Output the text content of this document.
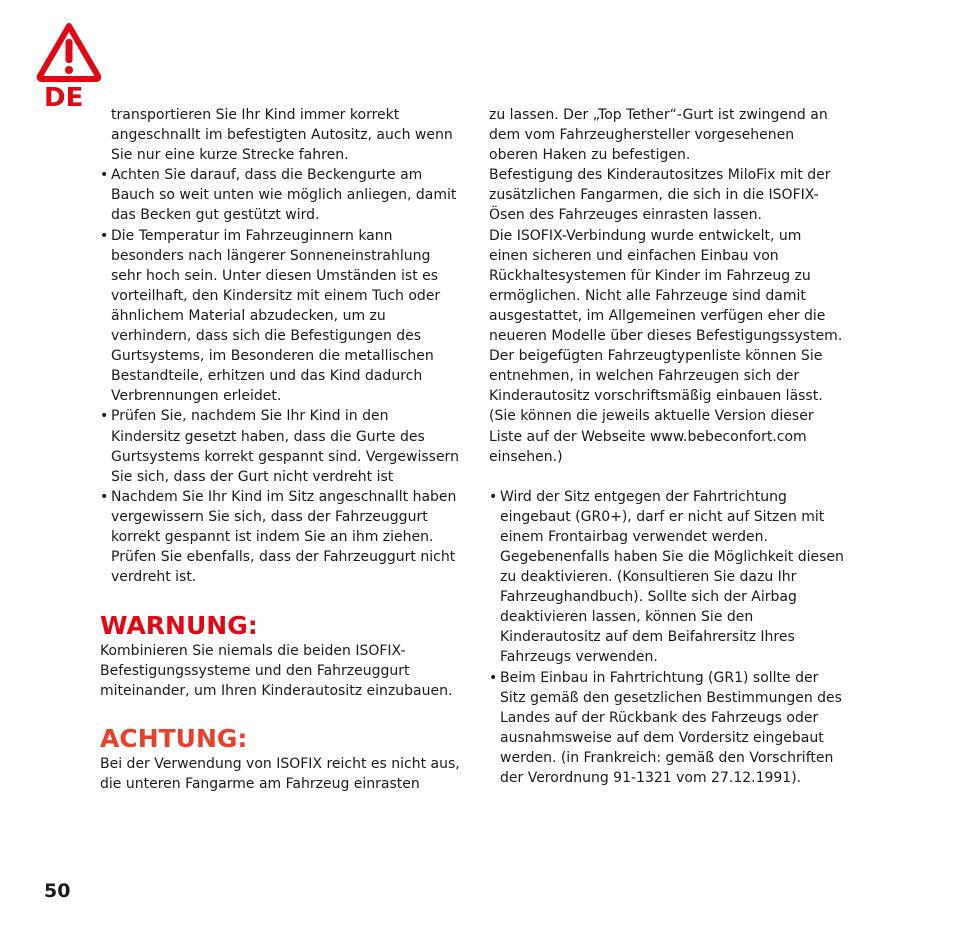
DE

transportieren Sie Ihr Kind immer korrekt angeschnallt im befestigten Autositz, auch wenn Sie nur eine kurze Strecke fahren.

• Achten Sie darauf, dass die Beckengurte am Bauch so weit unten wie möglich anliegen, damit das Becken gut gestützt wird.

• Die Temperatur im Fahrzeuginnern kann besonders nach längerer Sonneneinstrahlung sehr hoch sein. Unter diesen Umständen ist es vorteilhaft, den Kindersitz mit einem Tuch oder ähnlichem Material abzudecken, um zu verhindern, dass sich die Befestigungen des Gurtsystems, im Besonderen die metallischen Bestandteile, erhitzen und das Kind dadurch Verbrennungen erleidet.

• Prüfen Sie, nachdem Sie Ihr Kind in den Kindersitz gesetzt haben, dass die Gurte des Gurtsystems korrekt gespannt sind. Vergewissern Sie sich, dass der Gurt nicht verdreht ist

• Nachdem Sie Ihr Kind im Sitz angeschnallt haben vergewissern Sie sich, dass der Fahrzeuggurt korrekt gespannt ist indem Sie an ihm ziehen. Prüfen Sie ebenfalls, dass der Fahrzeuggurt nicht verdreht ist.

WARNUNG:

Kombinieren Sie niemals die beiden ISOFIX-Befestigungssysteme und den Fahrzeuggurt miteinander, um Ihren Kinderautositz einzubauen.

ACHTUNG:

Bei der Verwendung von ISOFIX reicht es nicht aus, die unteren Fangarme am Fahrzeug einrasten

zu lassen. Der „Top Tether“-Gurt ist zwingend an dem vom Fahrzeughersteller vorgesehenen oberen Haken zu befestigen.

Befestigung des Kinderautositzes MiloFix mit der zusätzlichen Fangarmen, die sich in die ISOFIX-Ösen des Fahrzeuges einrasten lassen.

Die ISOFIX-Verbindung wurde entwickelt, um einen sicheren und einfachen Einbau von Rückhaltesystemen für Kinder im Fahrzeug zu ermöglichen. Nicht alle Fahrzeuge sind damit ausgestattet, im Allgemeinen verfügen eher die neueren Modelle über dieses Befestigungssystem.

Der beigefügten Fahrzeugtypenliste können Sie entnehmen, in welchen Fahrzeugen sich der Kinderautositz vorschriftsmäßig einbauen lässt. (Sie können die jeweils aktuelle Version dieser Liste auf der Webseite www.bebeconfort.com einsehen.)

• Wird der Sitz entgegen der Fahrtrichtung eingebaut (GR0+), darf er nicht auf Sitzen mit einem Frontairbag verwendet werden. Gegebenenfalls haben Sie die Möglichkeit diesen zu deaktivieren. (Konsultieren Sie dazu Ihr Fahrzeughandbuch). Sollte sich der Airbag deaktivieren lassen, können Sie den Kinderautositz auf dem Beifahrersitz Ihres Fahrzeugs verwenden.

• Beim Einbau in Fahrtrichtung (GR1) sollte der Sitz gemäß den gesetzlichen Bestimmungen des Landes auf der Rückbank des Fahrzeugs oder ausnahmsweise auf dem Vordersitz eingebaut werden. (in Frankreich: gemäß den Vorschriften der Verordnung 91-1321 vom 27.12.1991).

50
